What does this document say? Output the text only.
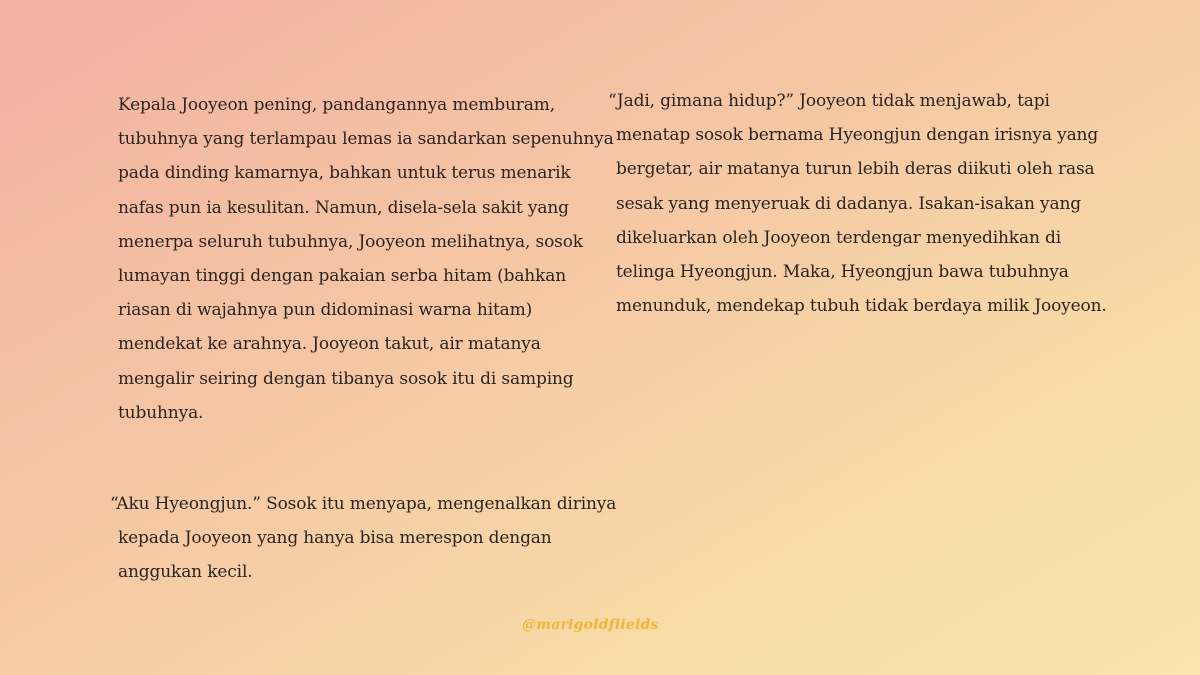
Kepala Jooyeon pening, pandangannya memburam,
tubuhnya yang terlampau lemas ia sandarkan sepenuhnya
pada dinding kamarnya, bahkan untuk terus menarik
nafas pun ia kesulitan. Namun, disela-sela sakit yang
menerpa seluruh tubuhnya, Jooyeon melihatnya, sosok
lumayan tinggi dengan pakaian serba hitam (bahkan
riasan di wajahnya pun didominasi warna hitam)
mendekat ke arahnya. Jooyeon takut, air matanya
mengalir seiring dengan tibanya sosok itu di samping
tubuhnya.

“Aku Hyeongjun.” Sosok itu menyapa, mengenalkan dirinya
kepada Jooyeon yang hanya bisa merespon dengan
anggukan kecil.

“Jadi, gimana hidup?” Jooyeon tidak menjawab, tapi
menatap sosok bernama Hyeongjun dengan irisnya yang
bergetar, air matanya turun lebih deras diikuti oleh rasa
sesak yang menyeruak di dadanya. Isakan-isakan yang
dikeluarkan oleh Jooyeon terdengar menyedihkan di
telinga Hyeongjun. Maka, Hyeongjun bawa tubuhnya
menunduk, mendekap tubuh tidak berdaya milik Jooyeon.

@marigoldfiields
